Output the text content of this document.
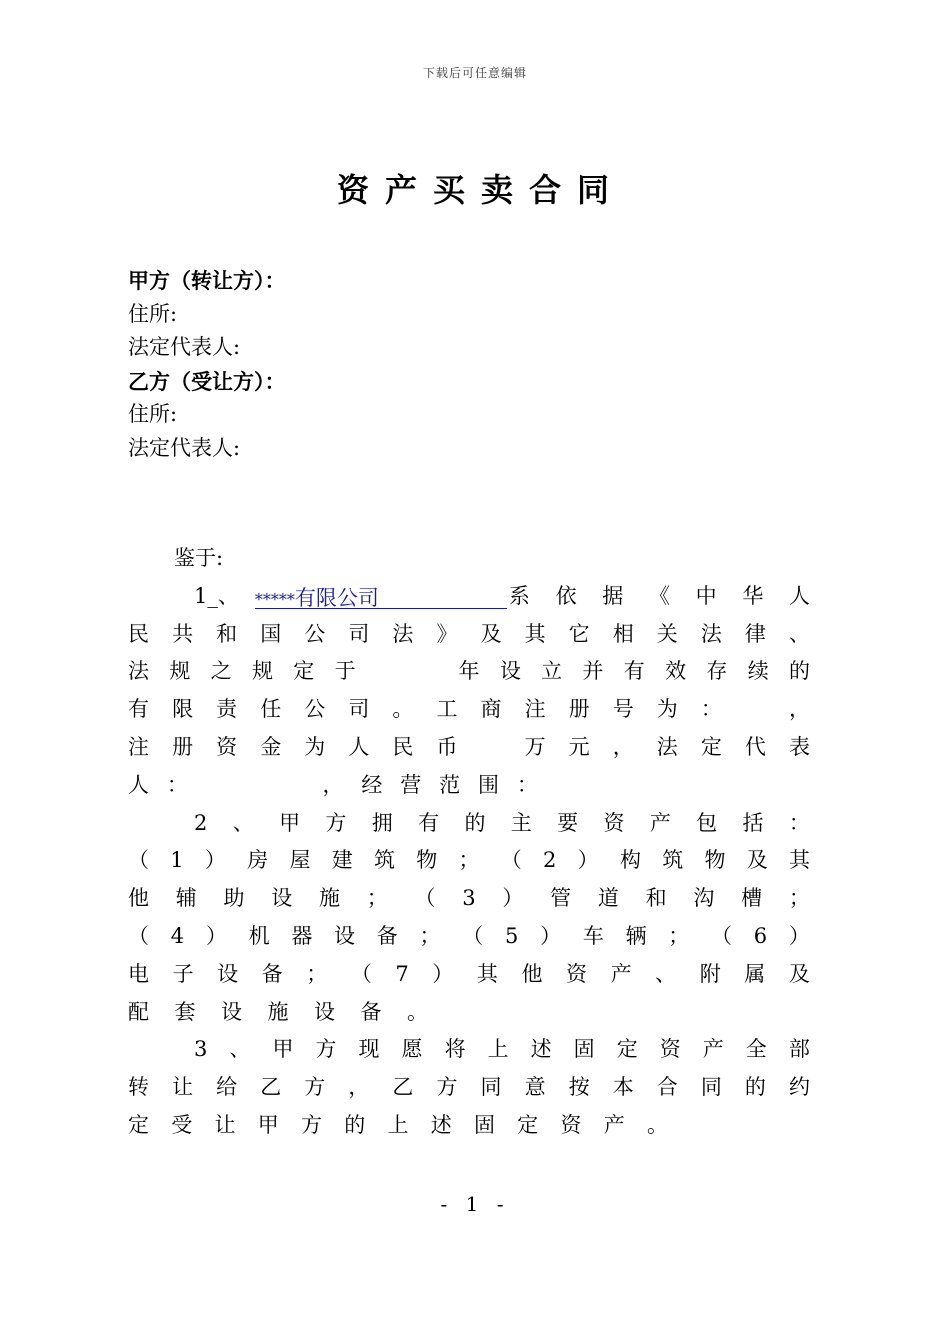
下载后可任意编辑
资产买卖合同
甲方（转让方）：
住所:
法定代表人:
乙方（受让方）：
住所:
法定代表人:
鉴于:
1_、 *****有限公司	系 依 据 《 中 华 人
民 共 和 国 公 司 法 》 及 其 它 相 关 法 律 、
法 规 之 规 定 于

　	年 设 立 并 有 效 存 续 的
有 限 责 任 公 司 。 工 商 注 册 号 为 ：
　	，
注 册 资 金 为 人 民 币
　	万 元 ， 法 定 代 表
人 ：

　	， 经 营 范 围 ：
2 、 甲 方 拥 有 的 主 要 资 产 包 括 ：
（ 1 ） 房 屋 建 筑 物 ； （ 2 ） 构 筑 物 及 其
他 辅 助 设 施 ； （ 3 ） 管 道 和 沟 槽 ；
（ 4 ） 机 器 设 备 ； （ 5 ） 车 辆 ； （ 6 ）
电 子 设 备 ； （ 7 ） 其 他 资 产 、 附 属 及
配 套 设 施 设 备 。
3 、 甲 方 现 愿 将 上 述 固 定 资 产 全 部
转 让 给 乙 方 ， 乙 方 同 意 按 本 合 同 的 约
定 受 让 甲 方 的 上 述 固 定 资 产 。
- 1 -
